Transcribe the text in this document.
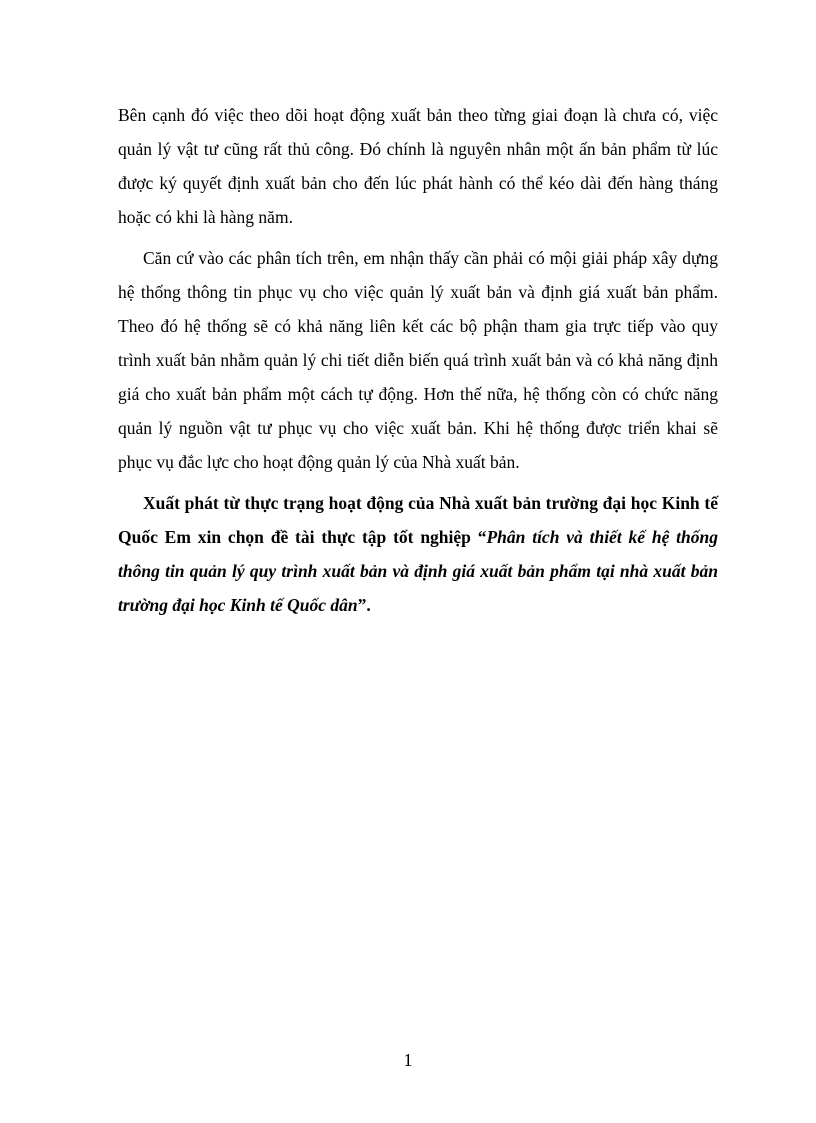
Bên cạnh đó việc theo dõi hoạt động xuất bản theo từng giai đoạn là chưa có, việc quản lý vật tư cũng rất thủ công. Đó chính là nguyên nhân một ấn bản phẩm từ lúc được ký quyết định xuất bản cho đến lúc phát hành có thể kéo dài đến hàng tháng hoặc có khi là hàng năm.

Căn cứ vào các phân tích trên, em nhận thấy cần phải có mội giải pháp xây dựng hệ thống thông tin phục vụ cho việc quản lý xuất bản và định giá xuất bản phẩm. Theo đó hệ thống sẽ có khả năng liên kết các bộ phận tham gia trực tiếp vào quy trình xuất bản nhằm quản lý chi tiết diễn biến quá trình xuất bản và có khả năng định giá cho xuất bản phẩm một cách tự động. Hơn thế nữa, hệ thống còn có chức năng quản lý nguồn vật tư phục vụ cho việc xuất bản. Khi hệ thống được triển khai sẽ phục vụ đắc lực cho hoạt động quản lý của Nhà xuất bản.

Xuất phát từ thực trạng hoạt động của Nhà xuất bản trường đại học Kinh tế Quốc Em xin chọn đề tài thực tập tốt nghiệp “Phân tích và thiết kế hệ thống thông tin quản lý quy trình xuất bản và định giá xuất bản phẩm tại nhà xuất bản trường đại học Kinh tế Quốc dân”.

1
